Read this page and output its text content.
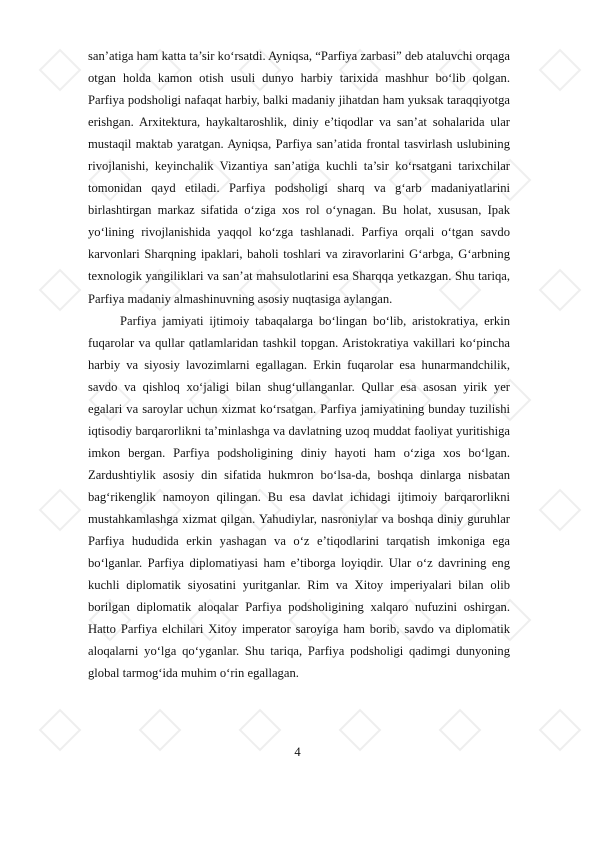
san’atiga ham katta ta’sir ko‘rsatdi. Ayniqsa, “Parfiya zarbasi” deb ataluvchi orqaga otgan holda kamon otish usuli dunyo harbiy tarixida mashhur bo‘lib qolgan. Parfiya podsholigi nafaqat harbiy, balki madaniy jihatdan ham yuksak taraqqiyotga erishgan. Arxitektura, haykaltaroshlik, diniy e’tiqodlar va san’at sohalarida ular mustaqil maktab yaratgan. Ayniqsa, Parfiya san’atida frontal tasvirlash uslubining rivojlanishi, keyinchalik Vizantiya san’atiga kuchli ta’sir ko‘rsatgani tarixchilar tomonidan qayd etiladi. Parfiya podsholigi sharq va g‘arb madaniyatlarini birlashtirgan markaz sifatida o‘ziga xos rol o‘ynagan. Bu holat, xususan, Ipak yo‘lining rivojlanishida yaqqol ko‘zga tashlanadi. Parfiya orqali o‘tgan savdo karvonlari Sharqning ipaklari, baholi toshlari va ziravorlarini G‘arbga, G‘arbning texnologik yangiliklari va san’at mahsulotlarini esa Sharqqa yetkazgan. Shu tariqa, Parfiya madaniy almashinuvning asosiy nuqtasiga aylangan.

Parfiya jamiyati ijtimoiy tabaqalarga bo‘lingan bo‘lib, aristokratiya, erkin fuqarolar va qullar qatlamlaridan tashkil topgan. Aristokratiya vakillari ko‘pincha harbiy va siyosiy lavozimlarni egallagan. Erkin fuqarolar esa hunarmandchilik, savdo va qishloq xo‘jaligi bilan shug‘ullanganlar. Qullar esa asosan yirik yer egalari va saroylar uchun xizmat ko‘rsatgan. Parfiya jamiyatining bunday tuzilishi iqtisodiy barqarorlikni ta’minlashga va davlatning uzoq muddat faoliyat yuritishiga imkon bergan. Parfiya podsholigining diniy hayoti ham o‘ziga xos bo‘lgan. Zardushtiylik asosiy din sifatida hukmron bo‘lsa-da, boshqa dinlarga nisbatan bag‘rikenglik namoyon qilingan. Bu esa davlat ichidagi ijtimoiy barqarorlikni mustahkamlashga xizmat qilgan. Yahudiylar, nasroniylar va boshqa diniy guruhlar Parfiya hududida erkin yashagan va o‘z e’tiqodlarini tarqatish imkoniga ega bo‘lganlar. Parfiya diplomatiyasi ham e’tiborga loyiqdir. Ular o‘z davrining eng kuchli diplomatik siyosatini yuritganlar. Rim va Xitoy imperiyalari bilan olib borilgan diplomatik aloqalar Parfiya podsholigining xalqaro nufuzini oshirgan. Hatto Parfiya elchilari Xitoy imperator saroyiga ham borib, savdo va diplomatik aloqalarni yo‘lga qo‘yganlar. Shu tariqa, Parfiya podsholigi qadimgi dunyoning global tarmog‘ida muhim o‘rin egallagan.

4
